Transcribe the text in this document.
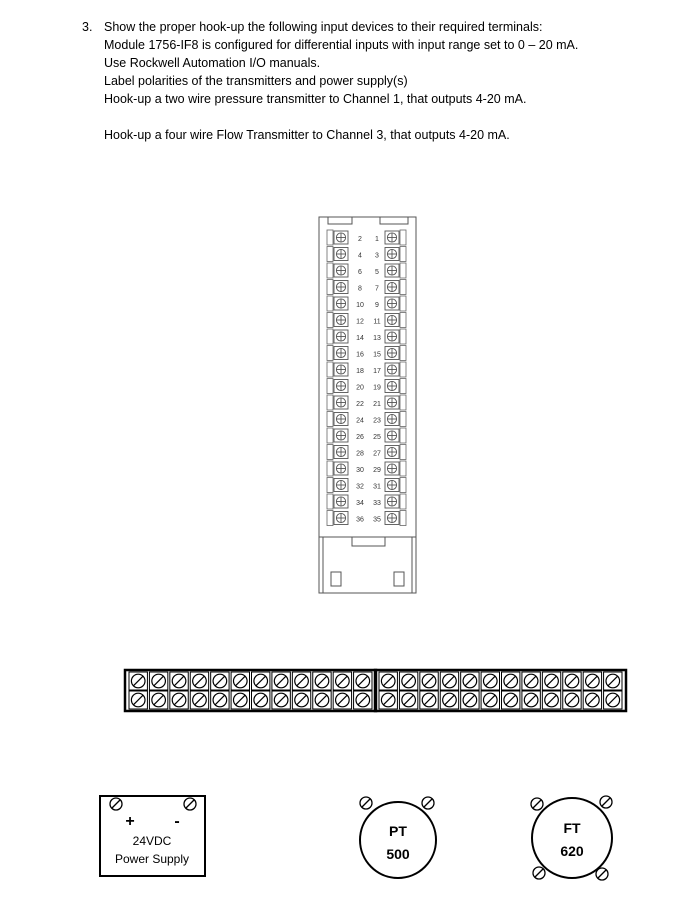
3. Show the proper hook-up the following input devices to their required terminals:
Module 1756-IF8 is configured for differential inputs with input range set to 0 – 20 mA.
Use Rockwell Automation I/O manuals.
Label polarities of the transmitters and power supply(s)
Hook-up a two wire pressure transmitter to Channel 1, that outputs 4-20 mA.
Hook-up a four wire Flow Transmitter to Channel 3, that outputs 4-20 mA.
2 1
4 3
6 5
8 7
10 9
12 11
14 13
16 15
18 17
20 19
22 21
24 23
26 25
28 27
30 29
32 31
34 33
36 35
+ -
24VDC
Power Supply
PT
500
FT
620
